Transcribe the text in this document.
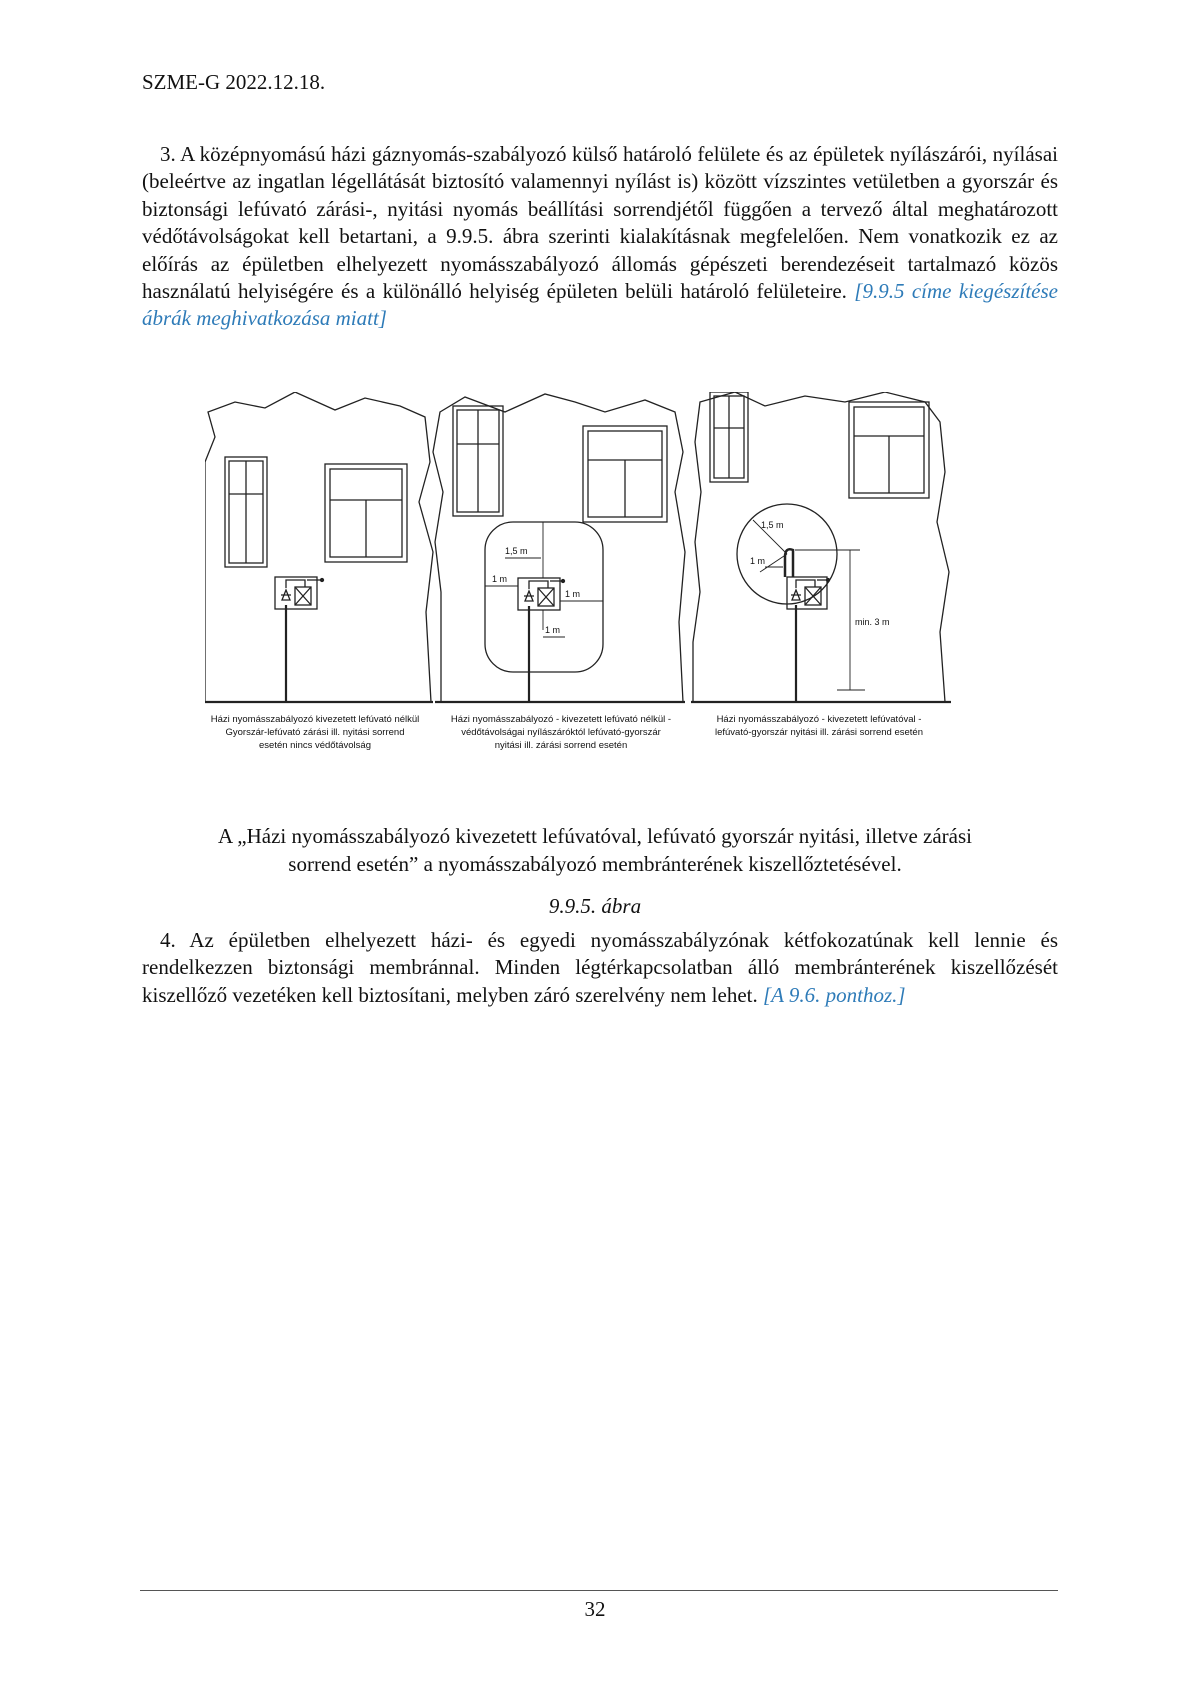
SZME-G 2022.12.18.
3. A középnyomású házi gáznyomás-szabályozó külső határoló felülete és az épületek nyílászárói, nyílásai (beleértve az ingatlan légellátását biztosító valamennyi nyílást is) között vízszintes vetületben a gyorszár és biztonsági lefúvató zárási-, nyitási nyomás beállítási sorrendjétől függően a tervező által meghatározott védőtávolságokat kell betartani, a 9.9.5. ábra szerinti kialakításnak megfelelően. Nem vonatkozik ez az előírás az épületben elhelyezett nyomásszabályozó állomás gépészeti berendezéseit tartalmazó közös használatú helyiségére és a különálló helyiség épületen belüli határoló felületeire. [9.9.5 címe kiegészítése ábrák meghivatkozása miatt]
1,5 m
1 m
1 m
1 m
1,5 m
1 m
min. 3 m
Házi nyomásszabályozó kivezetett lefúvató nélkül
Gyorszár-lefúvató zárási ill. nyitási sorrend
esetén nincs védőtávolság
Házi nyomásszabályozó - kivezetett lefúvató nélkül -
védőtávolságai nyílászáróktól lefúvató-gyorszár
nyitási ill. zárási sorrend esetén
Házi nyomásszabályozó - kivezetett lefúvatóval -
lefúvató-gyorszár nyitási ill. zárási sorrend esetén
A „Házi nyomásszabályozó kivezetett lefúvatóval, lefúvató gyorszár nyitási, illetve zárási sorrend esetén” a nyomásszabályozó membránterének kiszellőztetésével.
9.9.5. ábra
4. Az épületben elhelyezett házi- és egyedi nyomásszabályzónak kétfokozatúnak kell lennie és rendelkezzen biztonsági membránnal. Minden légtérkapcsolatban álló membránterének kiszellőzését kiszellőző vezetéken kell biztosítani, melyben záró szerelvény nem lehet. [A 9.6. ponthoz.]
32
